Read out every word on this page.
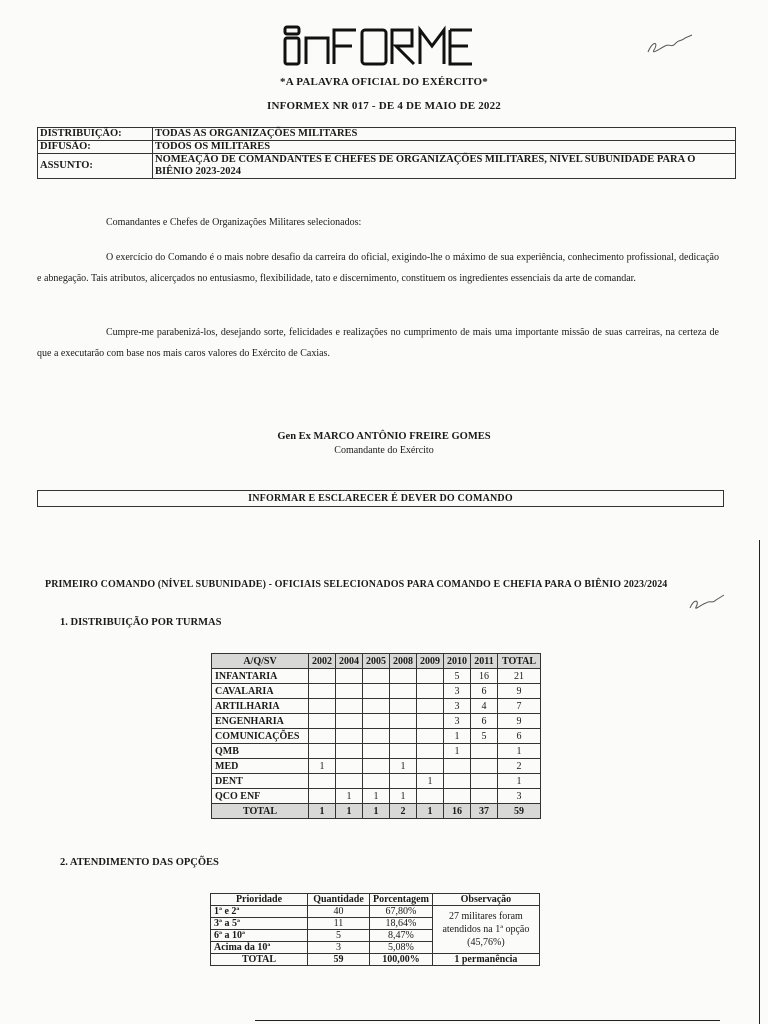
*A PALAVRA OFICIAL DO EXÉRCITO*
INFORMEX NR 017 - DE 4 DE MAIO DE 2022
DISTRIBUIÇÃO:	TODAS AS ORGANIZAÇÕES MILITARES
DIFUSÃO:	TODOS OS MILITARES
ASSUNTO:	NOMEAÇÃO DE COMANDANTES E CHEFES DE ORGANIZAÇÕES MILITARES, NÍVEL SUBUNIDADE PARA O BIÊNIO 2023-2024
Comandantes e Chefes de Organizações Militares selecionados:
O exercício do Comando é o mais nobre desafio da carreira do oficial, exigindo-lhe o máximo de sua experiência, conhecimento profissional, dedicação e abnegação. Tais atributos, alicerçados no entusiasmo, flexibilidade, tato e discernimento, constituem os ingredientes essenciais da arte de comandar.
Cumpre-me parabenizá-los, desejando sorte, felicidades e realizações no cumprimento de mais uma importante missão de suas carreiras, na certeza de que a executarão com base nos mais caros valores do Exército de Caxias.
Gen Ex MARCO ANTÔNIO FREIRE GOMES
Comandante do Exército
INFORMAR E ESCLARECER É DEVER DO COMANDO
PRIMEIRO COMANDO (NÍVEL SUBUNIDADE) - OFICIAIS SELECIONADOS PARA COMANDO E CHEFIA PARA O BIÊNIO 2023/2024
1. DISTRIBUIÇÃO POR TURMAS
A/Q/SV	2002	2004	2005	2008	2009	2010	2011	TOTAL
INFANTARIA						5	16	21
CAVALARIA						3	6	9
ARTILHARIA						3	4	7
ENGENHARIA						3	6	9
COMUNICAÇÕES						1	5	6
QMB						1		1
MED	1			1				2
DENT					1			1
QCO ENF		1	1	1				3
TOTAL	1	1	1	2	1	16	37	59
2. ATENDIMENTO DAS OPÇÕES
Prioridade	Quantidade	Porcentagem	Observação
1ª e 2ª	40	67,80%	27 militares foram atendidos na 1ª opção (45,76%)
3ª a 5ª	11	18,64%	
6ª a 10ª	5	8,47%	
Acima da 10ª	3	5,08%	
TOTAL	59	100,00%	1 permanência
